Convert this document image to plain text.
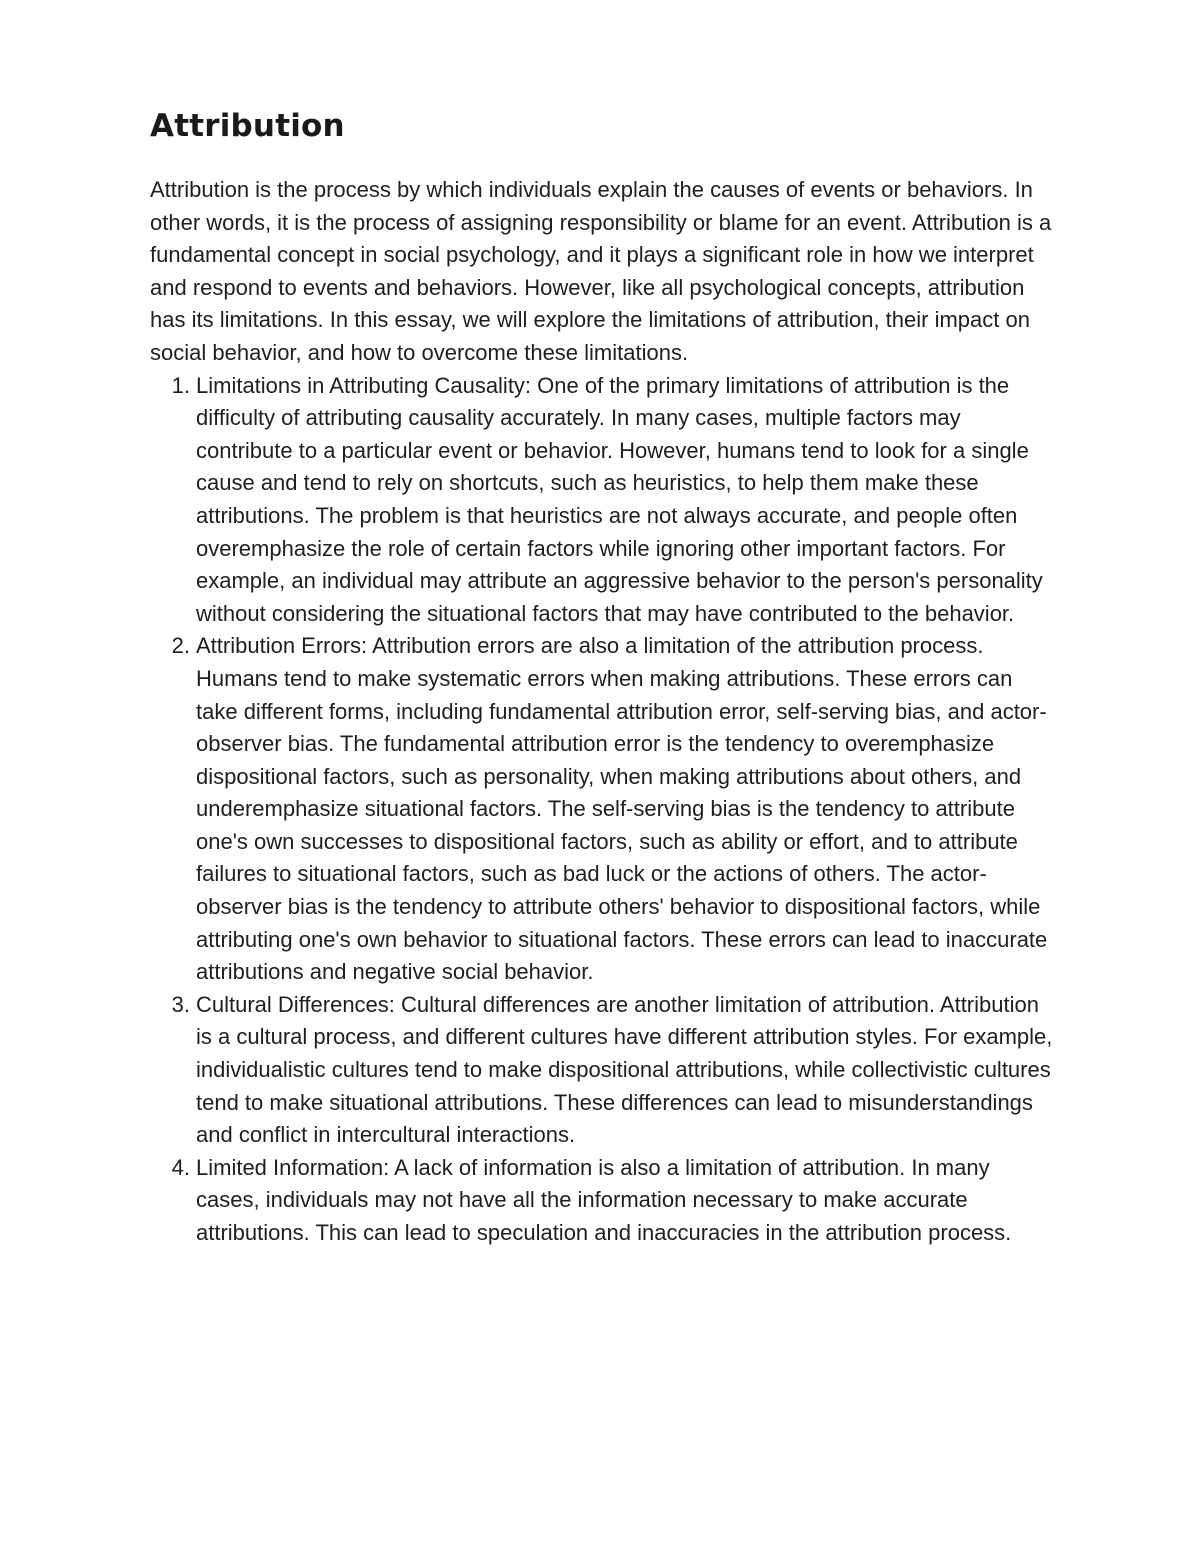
Attribution

Attribution is the process by which individuals explain the causes of events or behaviors. In other words, it is the process of assigning responsibility or blame for an event. Attribution is a fundamental concept in social psychology, and it plays a significant role in how we interpret and respond to events and behaviors. However, like all psychological concepts, attribution has its limitations. In this essay, we will explore the limitations of attribution, their impact on social behavior, and how to overcome these limitations.

1. Limitations in Attributing Causality: One of the primary limitations of attribution is the difficulty of attributing causality accurately. In many cases, multiple factors may contribute to a particular event or behavior. However, humans tend to look for a single cause and tend to rely on shortcuts, such as heuristics, to help them make these attributions. The problem is that heuristics are not always accurate, and people often overemphasize the role of certain factors while ignoring other important factors. For example, an individual may attribute an aggressive behavior to the person's personality without considering the situational factors that may have contributed to the behavior.
2. Attribution Errors: Attribution errors are also a limitation of the attribution process. Humans tend to make systematic errors when making attributions. These errors can take different forms, including fundamental attribution error, self-serving bias, and actor-observer bias. The fundamental attribution error is the tendency to overemphasize dispositional factors, such as personality, when making attributions about others, and underemphasize situational factors. The self-serving bias is the tendency to attribute one's own successes to dispositional factors, such as ability or effort, and to attribute failures to situational factors, such as bad luck or the actions of others. The actor-observer bias is the tendency to attribute others' behavior to dispositional factors, while attributing one's own behavior to situational factors. These errors can lead to inaccurate attributions and negative social behavior.
3. Cultural Differences: Cultural differences are another limitation of attribution. Attribution is a cultural process, and different cultures have different attribution styles. For example, individualistic cultures tend to make dispositional attributions, while collectivistic cultures tend to make situational attributions. These differences can lead to misunderstandings and conflict in intercultural interactions.
4. Limited Information: A lack of information is also a limitation of attribution. In many cases, individuals may not have all the information necessary to make accurate attributions. This can lead to speculation and inaccuracies in the attribution process.
